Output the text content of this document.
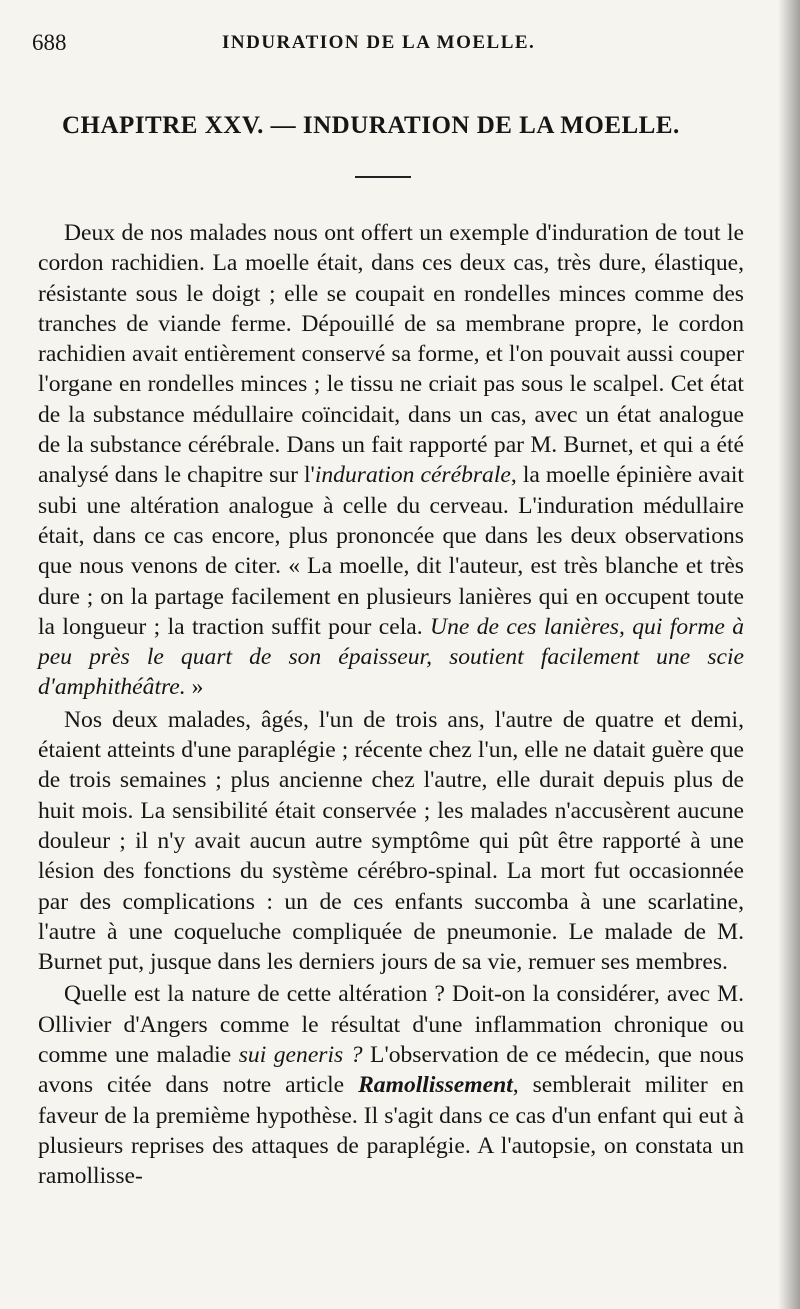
688	INDURATION DE LA MOELLE.
CHAPITRE XXV. — INDURATION DE LA MOELLE.

Deux de nos malades nous ont offert un exemple d'induration de tout le cordon rachidien. La moelle était, dans ces deux cas, très dure, élastique, résistante sous le doigt ; elle se coupait en rondelles minces comme des tranches de viande ferme. Dépouillé de sa membrane propre, le cordon rachidien avait entièrement conservé sa forme, et l'on pouvait aussi couper l'organe en rondelles minces ; le tissu ne criait pas sous le scalpel. Cet état de la substance médullaire coïncidait, dans un cas, avec un état analogue de la substance cérébrale. Dans un fait rapporté par M. Burnet, et qui a été analysé dans le chapitre sur l'induration cérébrale, la moelle épinière avait subi une altération analogue à celle du cerveau. L'induration médullaire était, dans ce cas encore, plus prononcée que dans les deux observations que nous venons de citer. « La moelle, dit l'auteur, est très blanche et très dure ; on la partage facilement en plusieurs lanières qui en occupent toute la longueur ; la traction suffit pour cela. Une de ces lanières, qui forme à peu près le quart de son épaisseur, soutient facilement une scie d'amphithéâtre. »

Nos deux malades, âgés, l'un de trois ans, l'autre de quatre et demi, étaient atteints d'une paraplégie ; récente chez l'un, elle ne datait guère que de trois semaines ; plus ancienne chez l'autre, elle durait depuis plus de huit mois. La sensibilité était conservée ; les malades n'accusèrent aucune douleur ; il n'y avait aucun autre symptôme qui pût être rapporté à une lésion des fonctions du système cérébro-spinal. La mort fut occasionnée par des complications : un de ces enfants succomba à une scarlatine, l'autre à une coqueluche compliquée de pneumonie. Le malade de M. Burnet put, jusque dans les derniers jours de sa vie, remuer ses membres.

Quelle est la nature de cette altération ? Doit-on la considérer, avec M. Ollivier d'Angers comme le résultat d'une inflammation chronique ou comme une maladie sui generis ? L'observation de ce médecin, que nous avons citée dans notre article Ramollissement, semblerait militer en faveur de la premième hypothèse. Il s'agit dans ce cas d'un enfant qui eut à plusieurs reprises des attaques de paraplégie. A l'autopsie, on constata un ramollisse-
